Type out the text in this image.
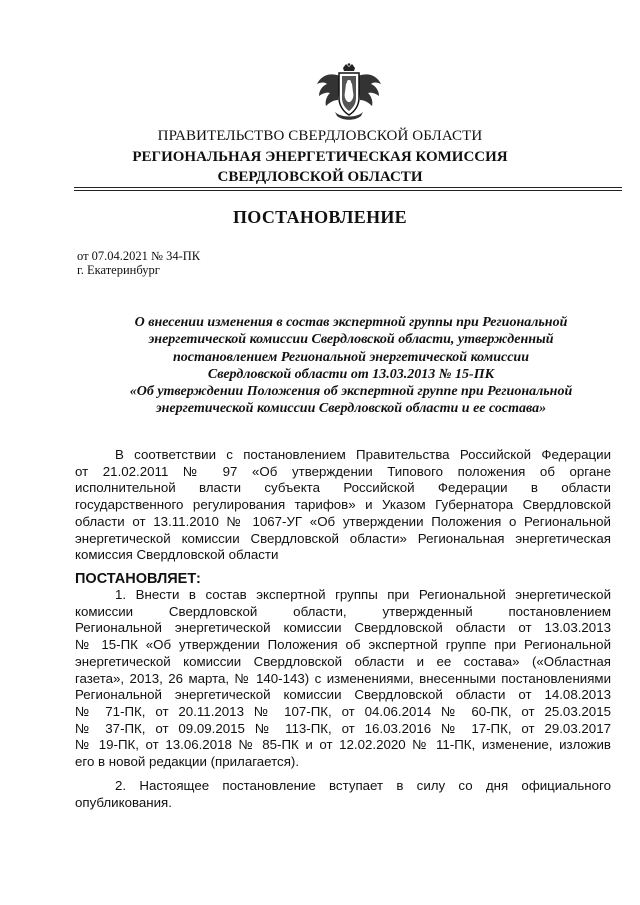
ПРАВИТЕЛЬСТВО СВЕРДЛОВСКОЙ ОБЛАСТИ
РЕГИОНАЛЬНАЯ ЭНЕРГЕТИЧЕСКАЯ КОМИССИЯ
СВЕРДЛОВСКОЙ ОБЛАСТИ
ПОСТАНОВЛЕНИЕ
от 07.04.2021 № 34-ПК
г. Екатеринбург
О внесении изменения в состав экспертной группы при Региональной
энергетической комиссии Свердловской области, утвержденный
постановлением Региональной энергетической комиссии
Свердловской области от 13.03.2013 № 15-ПК
«Об утверждении Положения об экспертной группе при Региональной
энергетической комиссии Свердловской области и ее состава»
В соответствии с постановлением Правительства Российской Федерации
от 21.02.2011 № 97 «Об утверждении Типового положения об органе
исполнительной власти субъекта Российской Федерации в области
государственного регулирования тарифов» и Указом Губернатора Свердловской
области от 13.11.2010 № 1067-УГ «Об утверждении Положения о Региональной
энергетической комиссии Свердловской области» Региональная энергетическая
комиссия Свердловской области
ПОСТАНОВЛЯЕТ:
1. Внести в состав экспертной группы при Региональной энергетической
комиссии Свердловской области, утвержденный постановлением
Региональной энергетической комиссии Свердловской области от 13.03.2013
№ 15-ПК «Об утверждении Положения об экспертной группе при Региональной
энергетической комиссии Свердловской области и ее состава» («Областная
газета», 2013, 26 марта, № 140-143) с изменениями, внесенными постановлениями
Региональной энергетической комиссии Свердловской области от 14.08.2013
№ 71-ПК, от 20.11.2013 № 107-ПК, от 04.06.2014 № 60-ПК, от 25.03.2015
№ 37-ПК, от 09.09.2015 № 113-ПК, от 16.03.2016 № 17-ПК, от 29.03.2017
№ 19-ПК, от 13.06.2018 № 85-ПК и от 12.02.2020 № 11-ПК, изменение, изложив
его в новой редакции (прилагается).
2. Настоящее постановление вступает в силу со дня официального
опубликования.
